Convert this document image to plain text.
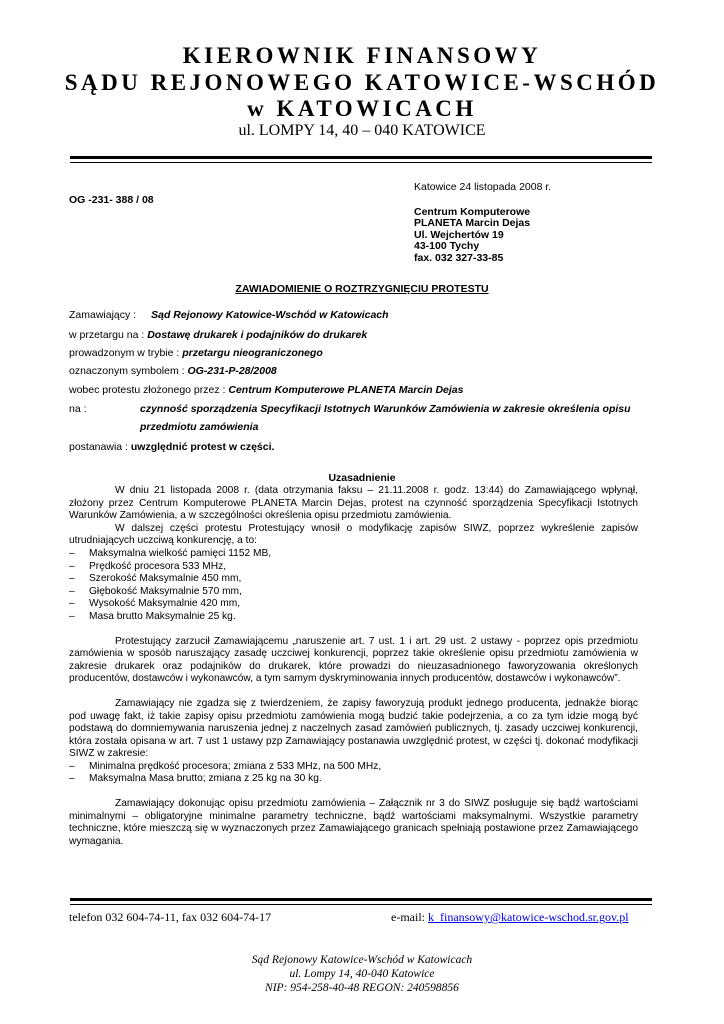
KIEROWNIK FINANSOWY
SĄDU REJONOWEGO KATOWICE-WSCHÓD
w KATOWICACH
ul. LOMPY 14, 40 – 040 KATOWICE
OG -231- 388 / 08
Katowice 24 listopada 2008 r.
Centrum Komputerowe
PLANETA Marcin Dejas
Ul. Wejchertów 19
43-100 Tychy
fax. 032 327-33-85
ZAWIADOMIENIE O ROZTRZYGNIĘCIU PROTESTU
Zamawiający : Sąd Rejonowy Katowice-Wschód w Katowicach
w przetargu na : Dostawę drukarek i podajników do drukarek
prowadzonym w trybie : przetargu nieograniczonego
oznaczonym symbolem : OG-231-P-28/2008
wobec protestu złożonego przez : Centrum Komputerowe PLANETA Marcin Dejas
na :	czynność sporządzenia Specyfikacji Istotnych Warunków Zamówienia w zakresie określenia opisu
przedmiotu zamówienia
postanawia : uwzględnić protest w części.
Uzasadnienie

W dniu 21 listopada 2008 r. (data otrzymania faksu – 21.11.2008 r. godz. 13:44) do Zamawiającego wpłynął, złożony przez Centrum Komputerowe PLANETA Marcin Dejas, protest na czynność sporządzenia Specyfikacji Istotnych Warunków Zamówienia, a w szczególności określenia opisu przedmiotu zamówienia.

W dalszej części protestu Protestujący wnosił o modyfikację zapisów SIWZ, poprzez wykreślenie zapisów utrudniających uczciwą konkurencję, a to:

–	Maksymalna wielkość pamięci 1152 MB,
–	Prędkość procesora 533 MHz,
–	Szerokość Maksymalnie 450 mm,
–	Głębokość Maksymalnie 570 mm,
–	Wysokość Maksymalnie 420 mm,
–	Masa brutto Maksymalnie 25 kg.

Protestujący zarzucił Zamawiającemu „naruszenie art. 7 ust. 1 i art. 29 ust. 2 ustawy - poprzez opis przedmiotu zamówienia w sposób naruszający zasadę uczciwej konkurencji, poprzez takie określenie opisu przedmiotu zamówienia w zakresie drukarek oraz podajników do drukarek, które prowadzi do nieuzasadnionego faworyzowania określonych producentów, dostawców i wykonawców, a tym samym dyskryminowania innych producentów, dostawców i wykonawców”.

Zamawiający nie zgadza się z twierdzeniem, że zapisy faworyzują produkt jednego producenta, jednakże biorąc pod uwagę fakt, iż takie zapisy opisu przedmiotu zamówienia mogą budzić takie podejrzenia, a co za tym idzie mogą być podstawą do domniemywania naruszenia jednej z naczelnych zasad zamówień publicznych, tj. zasady uczciwej konkurencji, która została opisana w art. 7 ust 1 ustawy pzp Zamawiający postanawia uwzględnić protest, w części tj. dokonać modyfikacji SIWZ w zakresie:

–	Minimalna prędkość procesora; zmiana z 533 MHz, na 500 MHz,
–	Maksymalna Masa brutto; zmiana z 25 kg na 30 kg.

Zamawiający dokonując opisu przedmiotu zamówienia – Załącznik nr 3 do SIWZ posługuje się bądź wartościami minimalnymi – obligatoryjne minimalne parametry techniczne, bądź wartościami maksymalnymi. Wszystkie parametry techniczne, które mieszczą się w wyznaczonych przez Zamawiającego granicach spełniają postawione przez Zamawiającego wymagania.

telefon 032 604-74-11, fax 032 604-74-17	e-mail: k_finansowy@katowice-wschod.sr.gov.pl
Sąd Rejonowy Katowice-Wschód w Katowicach
ul. Lompy 14, 40-040 Katowice
NIP: 954-258-40-48 REGON: 240598856
